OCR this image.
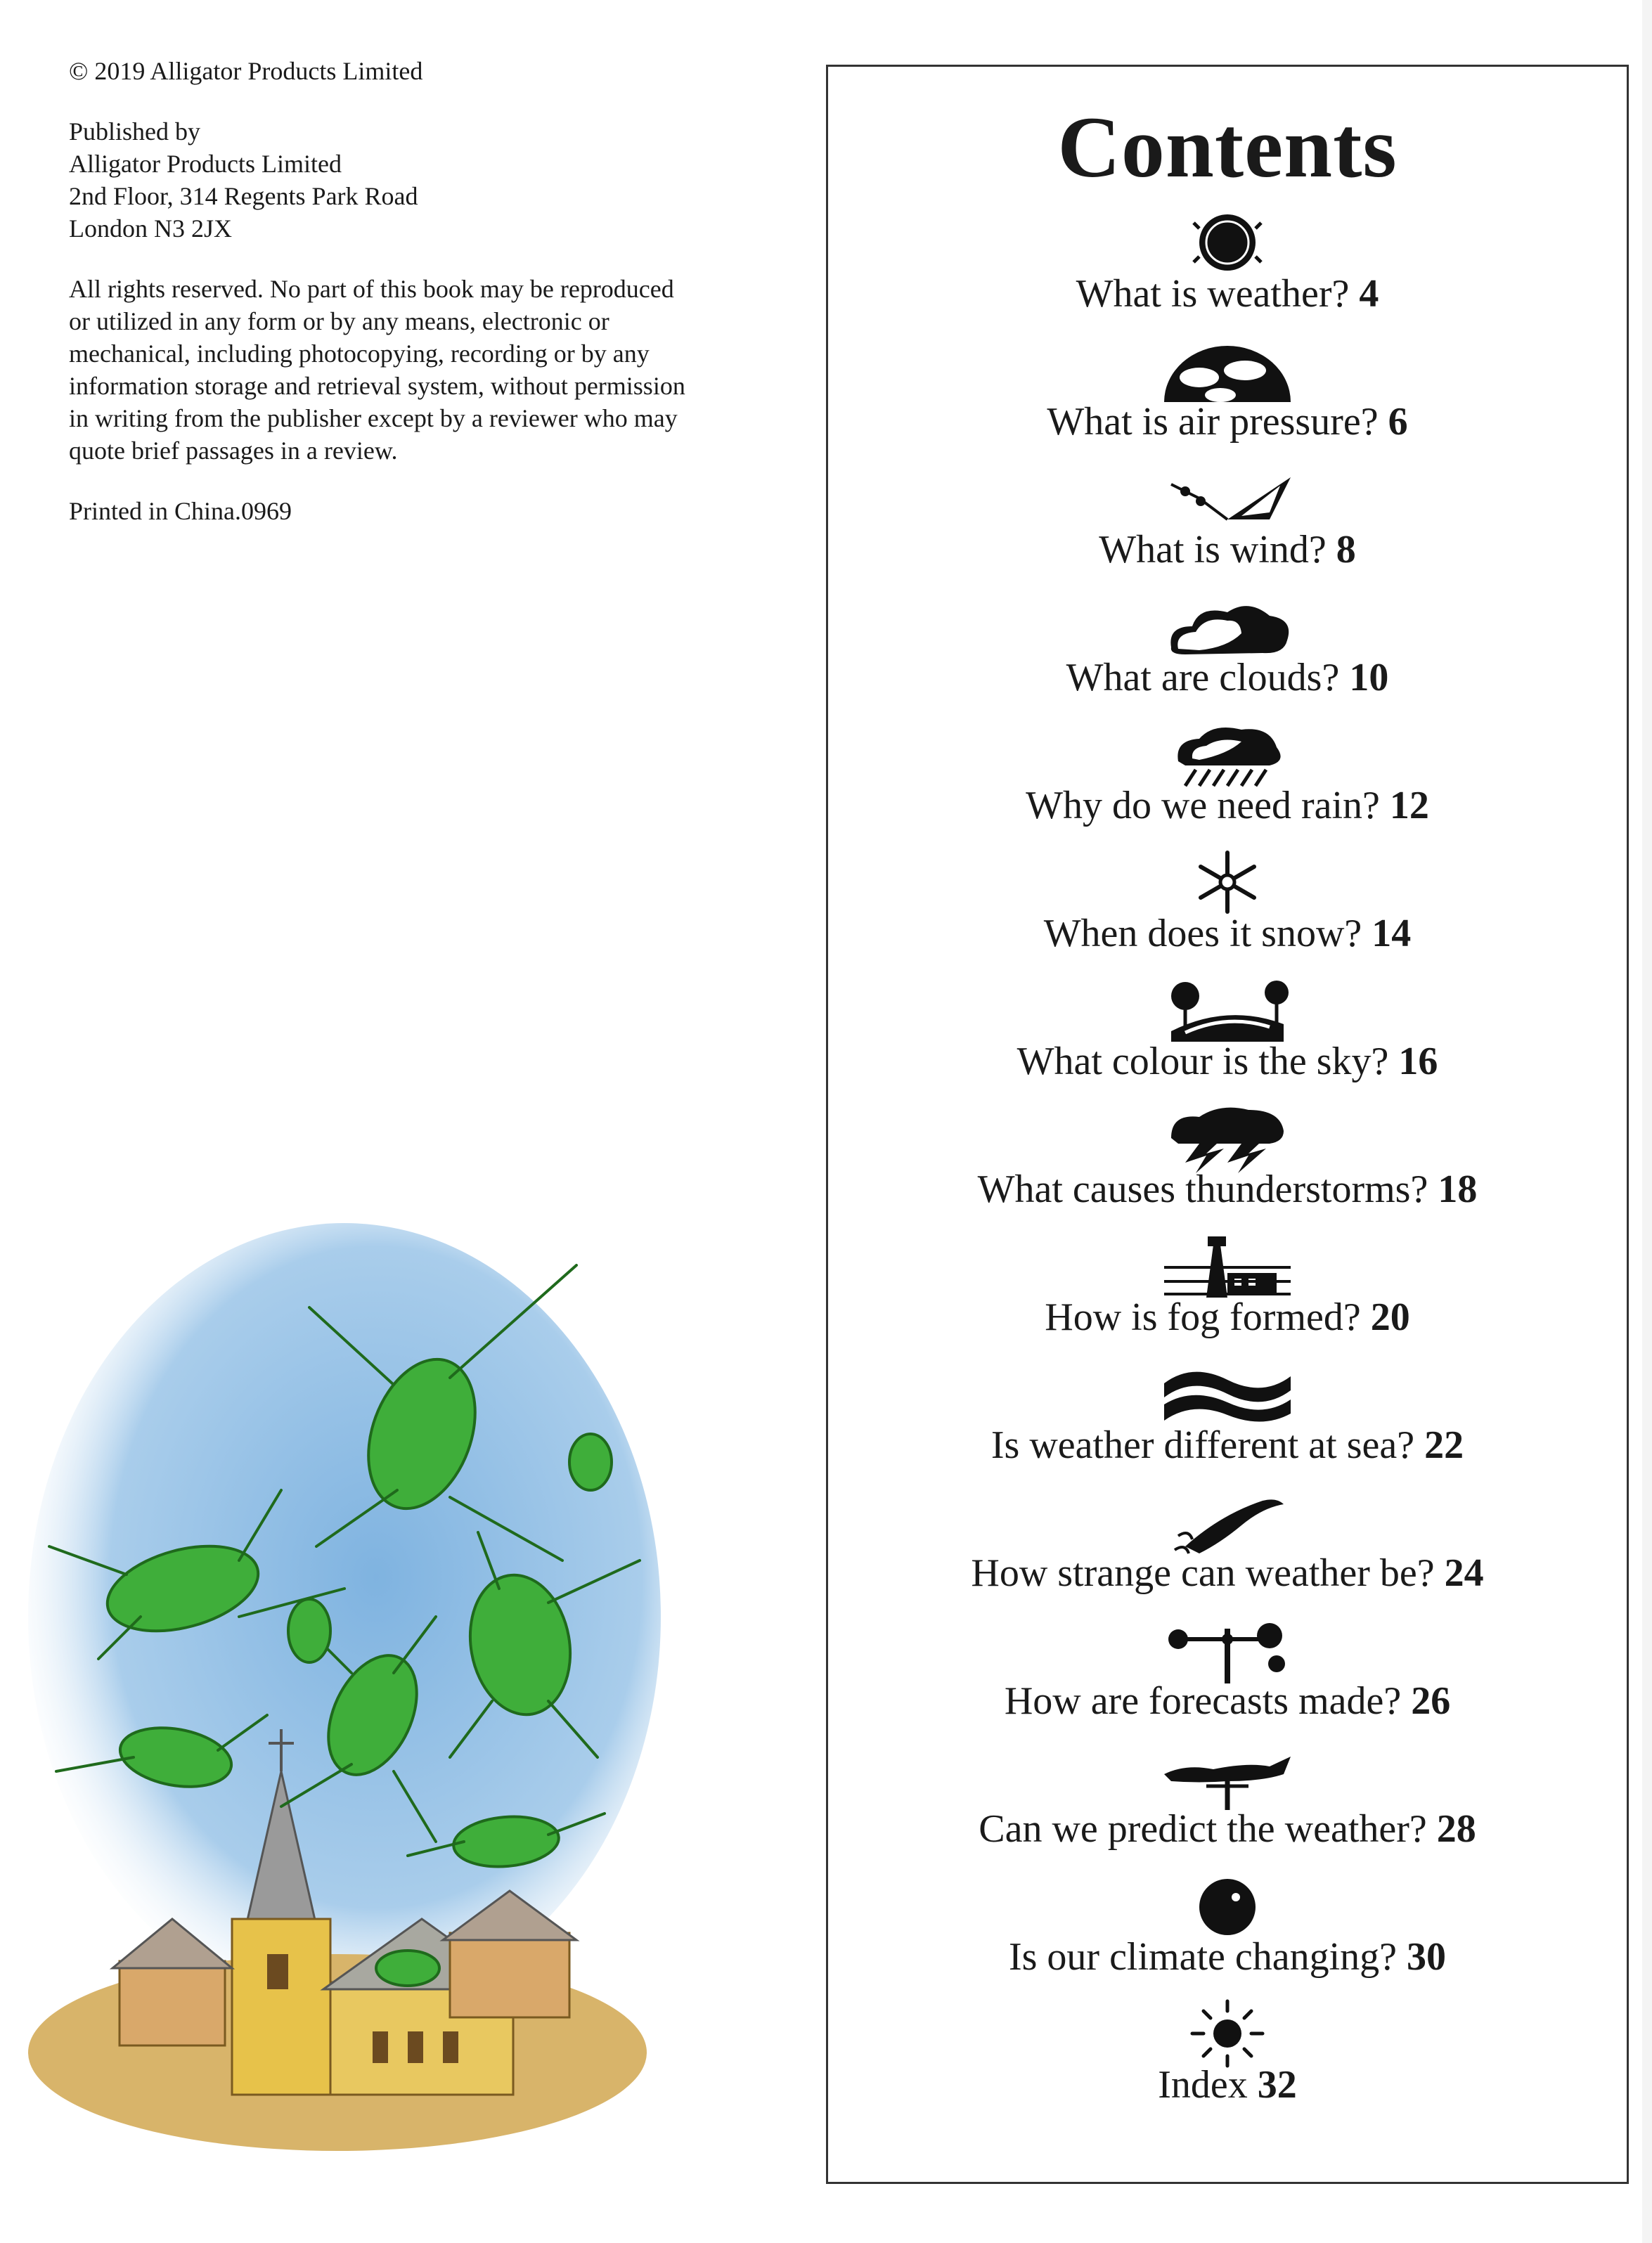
© 2019 Alligator Products Limited

Published by

Alligator Products Limited

2nd Floor, 314 Regents Park Road

London N3 2JX

All rights reserved. No part of this book may be reproduced

or utilized in any form or by any means, electronic or

mechanical, including photocopying, recording or by any

information storage and retrieval system, without permission

in writing from the publisher except by a reviewer who may

quote brief passages in a review.

Printed in China.0969

Contents
What is weather? 4
What is air pressure? 6
What is wind? 8
What are clouds? 10
Why do we need rain? 12
When does it snow? 14
What colour is the sky? 16
What causes thunderstorms? 18
How is fog formed? 20
Is weather different at sea? 22
How strange can weather be? 24
How are forecasts made? 26
Can we predict the weather? 28
Is our climate changing? 30
Index 32
